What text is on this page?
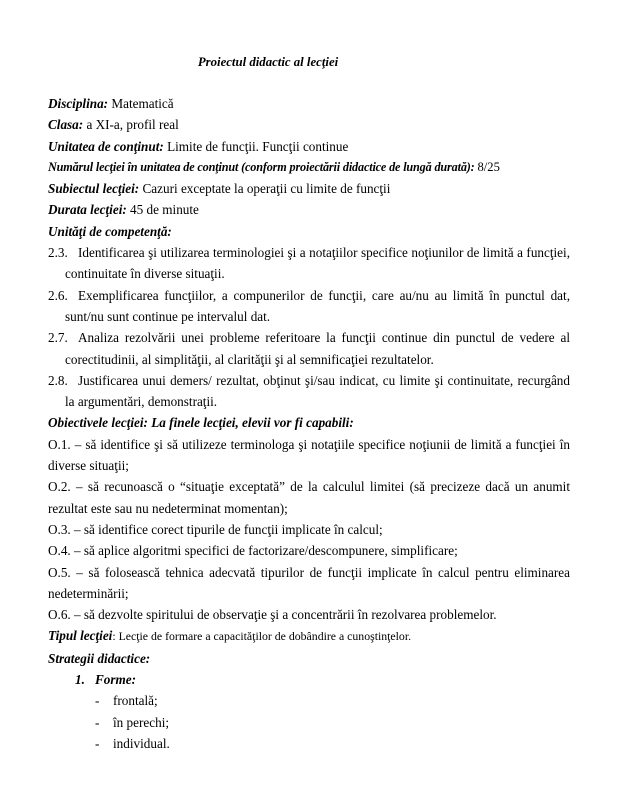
Proiectul didactic al lecţiei

Disciplina: Matematică

Clasa: a XI-a, profil real

Unitatea de conţinut: Limite de funcţii. Funcţii continue

Numărul lecţiei în unitatea de conţinut (conform proiectării didactice de lungă durată): 8/25

Subiectul lecţiei: Cazuri exceptate la operaţii cu limite de funcţii

Durata lecţiei: 45 de minute

Unităţi de competenţă:

2.3. Identificarea şi utilizarea terminologiei şi a notaţiilor specifice noţiunilor de limită a funcţiei, continuitate în diverse situaţii.

2.6. Exemplificarea funcţiilor, a compunerilor de funcţii, care au/nu au limită în punctul dat, sunt/nu sunt continue pe intervalul dat.

2.7. Analiza rezolvării unei probleme referitoare la funcţii continue din punctul de vedere al corectitudinii, al simplităţii, al clarităţii şi al semnificaţiei rezultatelor.

2.8. Justificarea unui demers/ rezultat, obţinut şi/sau indicat, cu limite şi continuitate, recurgând la argumentări, demonstraţii.

Obiectivele lecţiei: La finele lecţiei, elevii vor fi capabili:

O.1. – să identifice şi să utilizeze terminologa şi notaţiile specifice noţiunii de limită a funcţiei în diverse situaţii;

O.2. – să recunoască o “situaţie exceptată” de la calculul limitei (să precizeze dacă un anumit rezultat este sau nu nedeterminat momentan);

O.3. – să identifice corect tipurile de funcţii implicate în calcul;

O.4. – să aplice algoritmi specifici de factorizare/descompunere, simplificare;

O.5. – să folosească tehnica adecvată tipurilor de funcţii implicate în calcul pentru eliminarea nedeterminării;

O.6. – să dezvolte spiritului de observaţie şi a concentrării în rezolvarea problemelor.

Tipul lecţiei: Lecţie de formare a capacităţilor de dobândire a cunoştinţelor.

Strategii didactice:

1. Forme:

- frontală;

- în perechi;

- individual.
